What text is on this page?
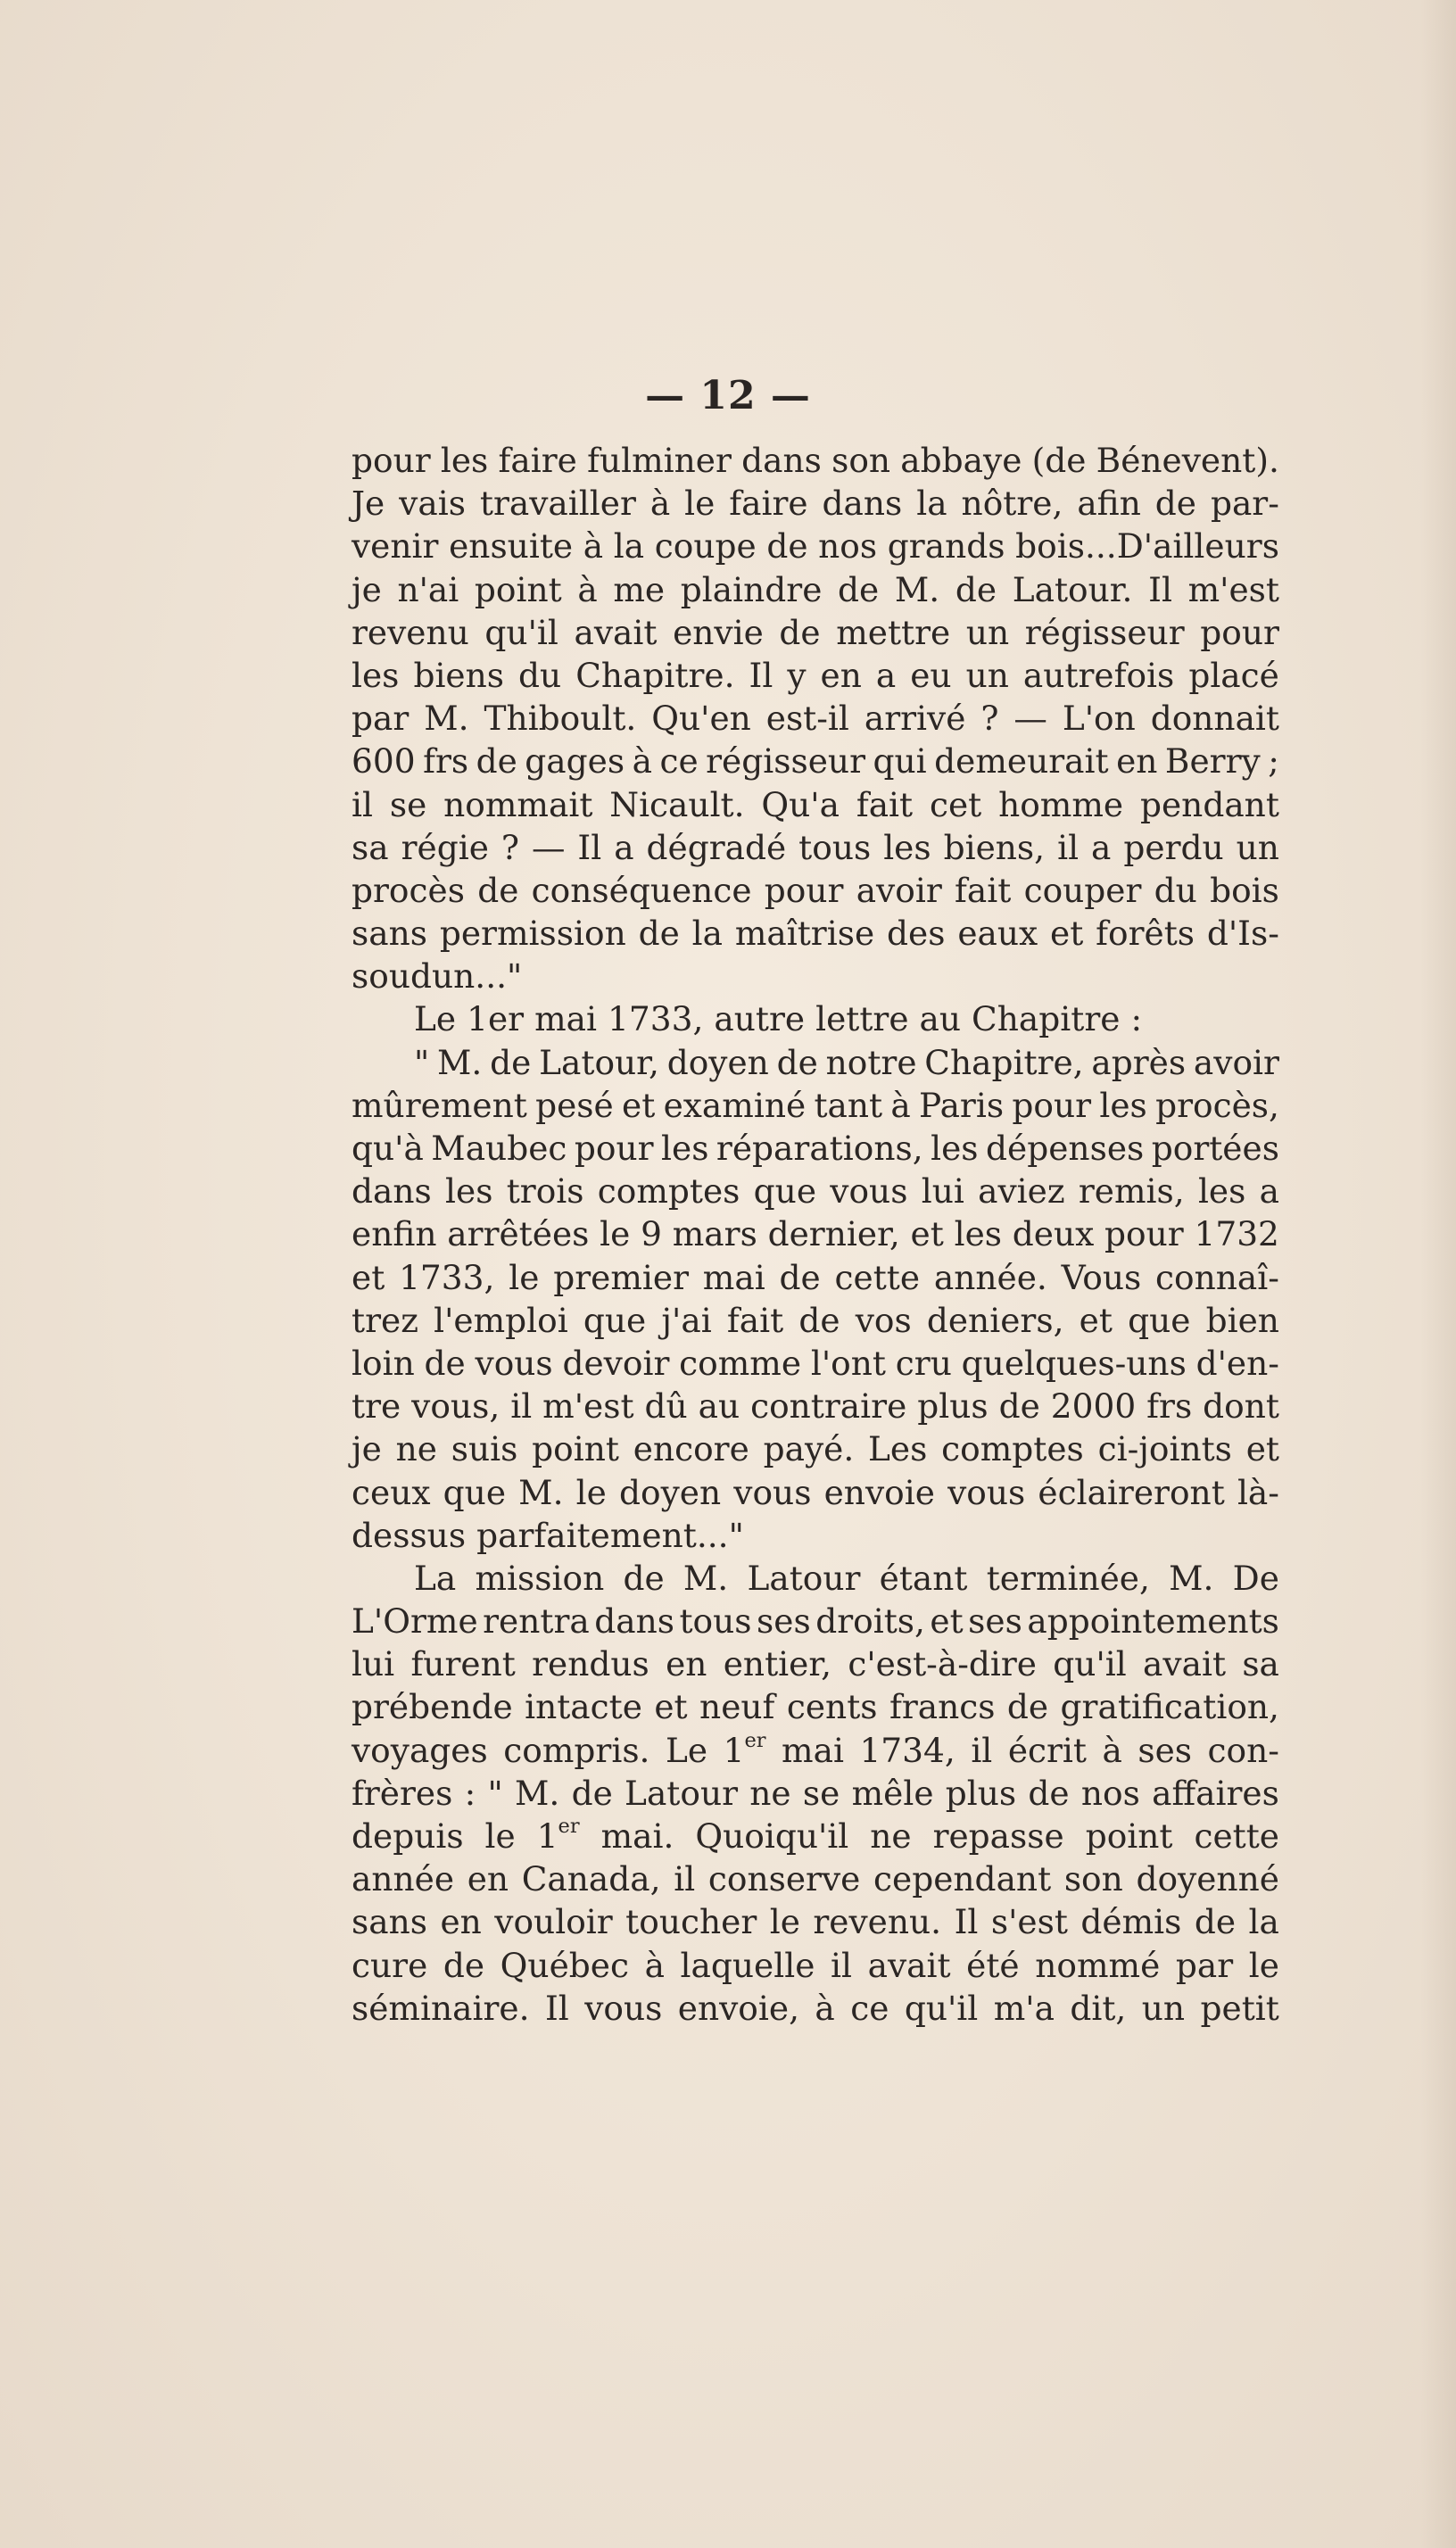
— 12 —
pour les faire fulminer dans son abbaye (de Bénevent).
Je vais travailler à le faire dans la nôtre, afin de par-
venir ensuite à la coupe de nos grands bois...D'ailleurs
je n'ai point à me plaindre de M. de Latour. Il m'est
revenu qu'il avait envie de mettre un régisseur pour
les biens du Chapitre. Il y en a eu un autrefois placé
par M. Thiboult. Qu'en est-il arrivé ? — L'on donnait
600 frs de gages à ce régisseur qui demeurait en Berry ;
il se nommait Nicault. Qu'a fait cet homme pendant
sa régie ? — Il a dégradé tous les biens, il a perdu un
procès de conséquence pour avoir fait couper du bois
sans permission de la maîtrise des eaux et forêts d'Is-
soudun..."
Le 1er mai 1733, autre lettre au Chapitre :
" M. de Latour, doyen de notre Chapitre, après avoir
mûrement pesé et examiné tant à Paris pour les procès,
qu'à Maubec pour les réparations, les dépenses portées
dans les trois comptes que vous lui aviez remis, les a
enfin arrêtées le 9 mars dernier, et les deux pour 1732
et 1733, le premier mai de cette année. Vous connaî-
trez l'emploi que j'ai fait de vos deniers, et que bien
loin de vous devoir comme l'ont cru quelques-uns d'en-
tre vous, il m'est dû au contraire plus de 2000 frs dont
je ne suis point encore payé. Les comptes ci-joints et
ceux que M. le doyen vous envoie vous éclaireront là-
dessus parfaitement..."
La mission de M. Latour étant terminée, M. De
L'Orme rentra dans tous ses droits, et ses appointements
lui furent rendus en entier, c'est-à-dire qu'il avait sa
prébende intacte et neuf cents francs de gratification,
voyages compris. Le 1er mai 1734, il écrit à ses con-
frères : " M. de Latour ne se mêle plus de nos affaires
depuis le 1er mai. Quoiqu'il ne repasse point cette
année en Canada, il conserve cependant son doyenné
sans en vouloir toucher le revenu. Il s'est démis de la
cure de Québec à laquelle il avait été nommé par le
séminaire. Il vous envoie, à ce qu'il m'a dit, un petit
